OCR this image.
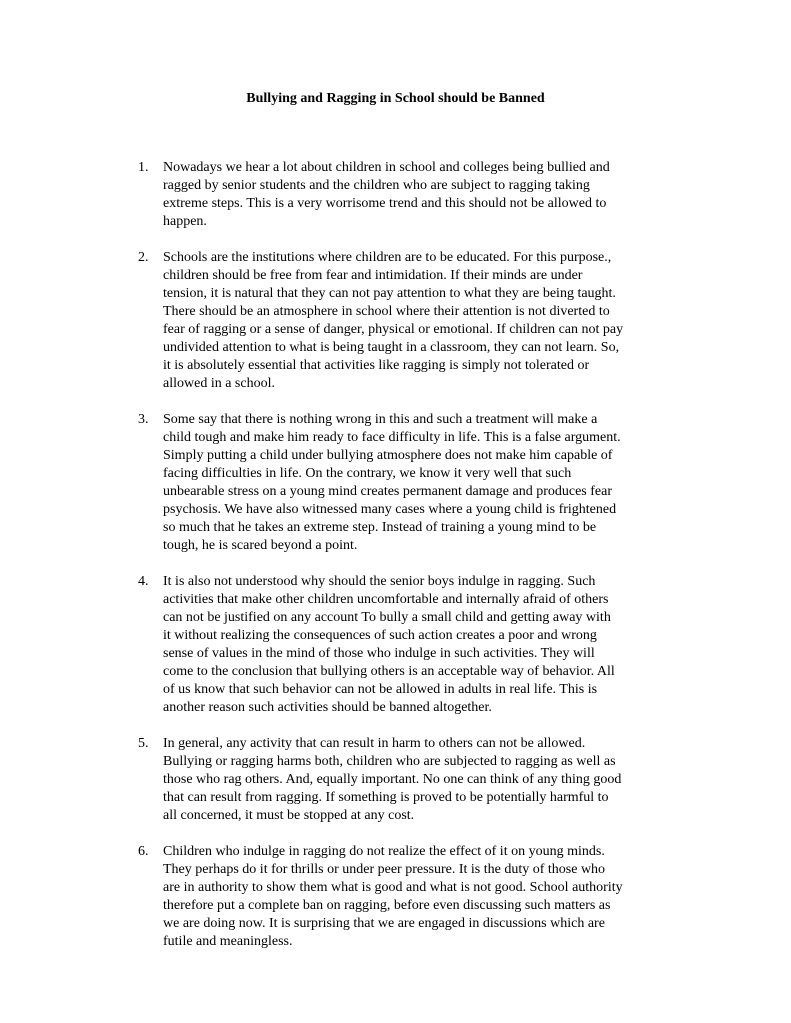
Bullying and Ragging in School should be Banned
1.	Nowadays we hear a lot about children in school and colleges being bullied and
ragged by senior students and the children who are subject to ragging taking
extreme steps. This is a very worrisome trend and this should not be allowed to
happen.
2.	Schools are the institutions where children are to be educated. For this purpose.,
children should be free from fear and intimidation. If their minds are under
tension, it is natural that they can not pay attention to what they are being taught.
There should be an atmosphere in school where their attention is not diverted to
fear of ragging or a sense of danger, physical or emotional. If children can not pay
undivided attention to what is being taught in a classroom, they can not learn. So,
it is absolutely essential that activities like ragging is simply not tolerated or
allowed in a school.
3.	Some say that there is nothing wrong in this and such a treatment will make a
child tough and make him ready to face difficulty in life. This is a false argument.
Simply putting a child under bullying atmosphere does not make him capable of
facing difficulties in life. On the contrary, we know it very well that such
unbearable stress on a young mind creates permanent damage and produces fear
psychosis. We have also witnessed many cases where a young child is frightened
so much that he takes an extreme step. Instead of training a young mind to be
tough, he is scared beyond a point.
4.	It is also not understood why should the senior boys indulge in ragging. Such
activities that make other children uncomfortable and internally afraid of others
can not be justified on any account To bully a small child and getting away with
it without realizing the consequences of such action creates a poor and wrong
sense of values in the mind of those who indulge in such activities. They will
come to the conclusion that bullying others is an acceptable way of behavior. All
of us know that such behavior can not be allowed in adults in real life. This is
another reason such activities should be banned altogether.
5.	In general, any activity that can result in harm to others can not be allowed.
Bullying or ragging harms both, children who are subjected to ragging as well as
those who rag others. And, equally important. No one can think of any thing good
that can result from ragging. If something is proved to be potentially harmful to
all concerned, it must be stopped at any cost.
6.	Children who indulge in ragging do not realize the effect of it on young minds.
They perhaps do it for thrills or under peer pressure. It is the duty of those who
are in authority to show them what is good and what is not good. School authority
therefore put a complete ban on ragging, before even discussing such matters as
we are doing now. It is surprising that we are engaged in discussions which are
futile and meaningless.
